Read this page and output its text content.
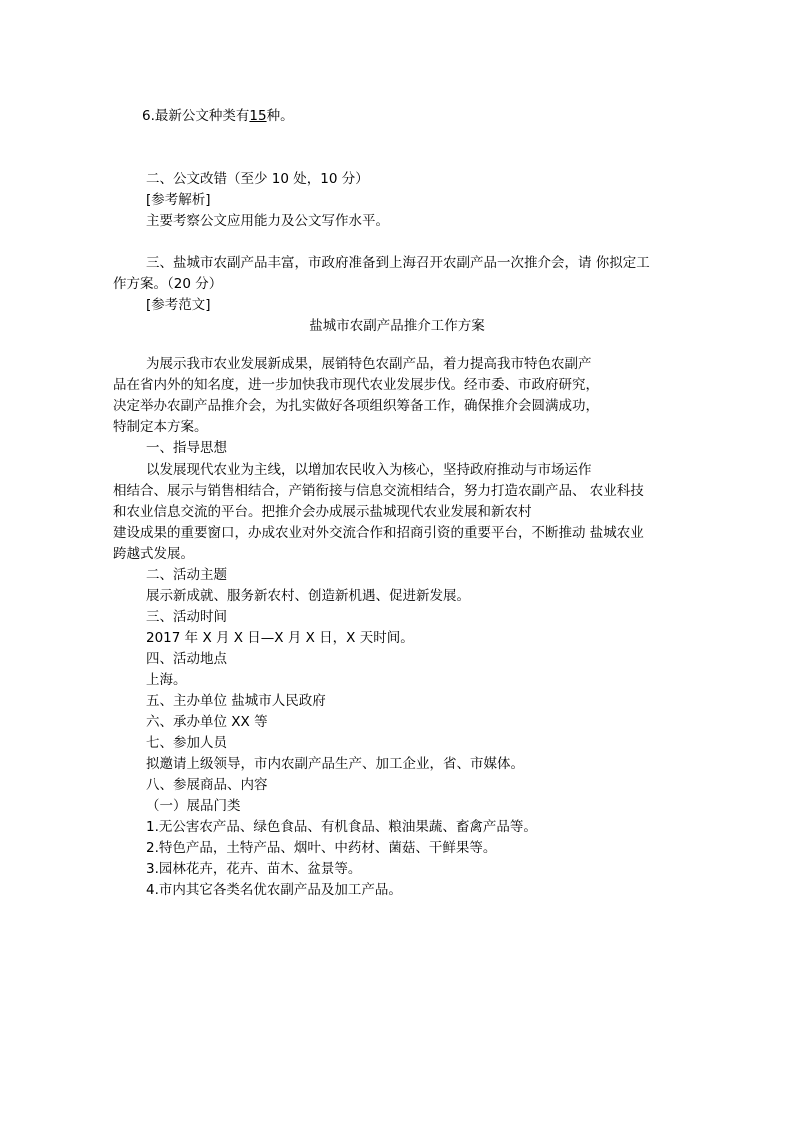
6.最新公文种类有15种。
二、公文改错（至少 10 处，10 分）
[参考解析]
主要考察公文应用能力及公文写作水平。
三、盐城市农副产品丰富，市政府准备到上海召开农副产品一次推介会，请 你拟定工
作方案。（20 分）
[参考范文]
盐城市农副产品推介工作方案
为展示我市农业发展新成果，展销特色农副产品，着力提高我市特色农副产
品在省内外的知名度，进一步加快我市现代农业发展步伐。经市委、市政府研究，
决定举办农副产品推介会，为扎实做好各项组织筹备工作，确保推介会圆满成功，
特制定本方案。
一、指导思想
以发展现代农业为主线，以增加农民收入为核心，坚持政府推动与市场运作
相结合、展示与销售相结合，产销衔接与信息交流相结合，努力打造农副产品、 农业科技
和农业信息交流的平台。把推介会办成展示盐城现代农业发展和新农村
建设成果的重要窗口，办成农业对外交流合作和招商引资的重要平台，不断推动 盐城农业
跨越式发展。
二、活动主题
展示新成就、服务新农村、创造新机遇、促进新发展。
三、活动时间
2017 年 X 月 X 日—X 月 X 日，X 天时间。
四、活动地点
上海。
五、主办单位 盐城市人民政府
六、承办单位 XX 等
七、参加人员
拟邀请上级领导，市内农副产品生产、加工企业，省、市媒体。
八、参展商品、内容
（一）展品门类
1.无公害农产品、绿色食品、有机食品、粮油果蔬、畜禽产品等。
2.特色产品，土特产品、烟叶、中药材、菌菇、干鲜果等。
3.园林花卉，花卉、苗木、盆景等。
4.市内其它各类名优农副产品及加工产品。
